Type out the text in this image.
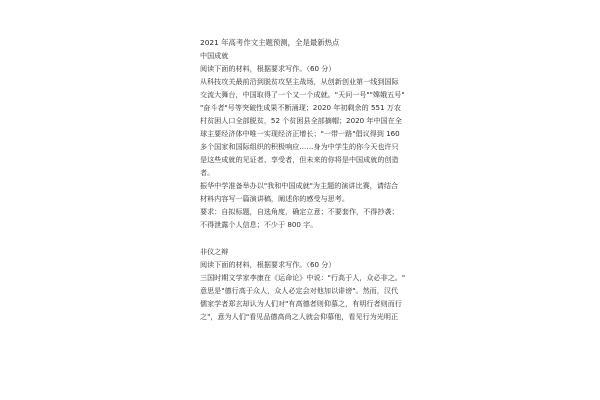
2021 年高考作文主题预测，全是最新热点
中国成就
阅读下面的材料，根据要求写作。（60 分）
从科技攻关最前沿到脱贫攻坚主战场，从创新创业第一线到国际
交流大舞台，中国取得了一个又一个成就。"天问一号""嫦娥五号"
"奋斗者"号等突破性成果不断涌现；2020 年初剩余的 551 万农
村贫困人口全部脱贫，52 个贫困县全部摘帽；2020 年中国在全
球主要经济体中唯一实现经济正增长；"一带一路"倡议得到 160
多个国家和国际组织的积极响应……身为中学生的你今天也许只
是这些成就的见证者、享受者，但未来的你将是中国成就的创造
者。
振华中学准备举办以"我和中国成就"为主题的演讲比赛，请结合
材料内容写一篇演讲稿，阐述你的感受与思考。
要求：自拟标题，自选角度，确定立意；不要套作，不得抄袭；
不得泄露个人信息；不少于 800 字。
非仪之辩
阅读下面的材料，根据要求写作。（60 分）
三国时期文学家李康在《运命论》中说："行高于人，众必非之。"
意思是"德行高于众人，众人必定会对他加以诽谤"。然而，汉代
儒家学者郑玄却认为人们对"有高德者则仰慕之，有明行者则而行
之"，意为人们"看见品德高尚之人就会仰慕他，看见行为光明正
